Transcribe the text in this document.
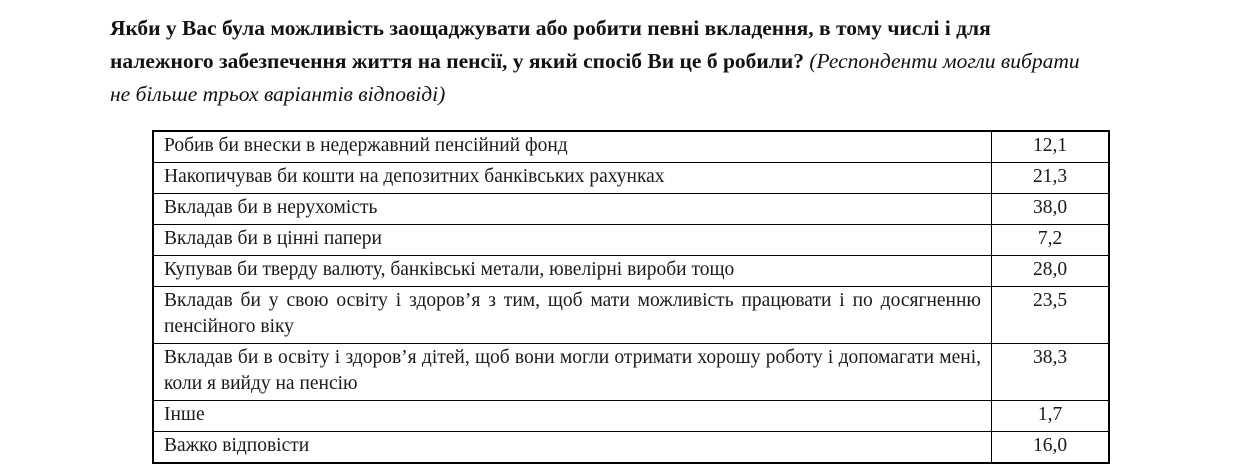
Якби у Вас була можливість заощаджувати або робити певні вкладення, в тому числі і для належного забезпечення життя на пенсії, у який спосіб Ви це б робили? (Респонденти могли вибрати не більше трьох варіантів відповіді)
Робив би внески в недержавний пенсійний фонд	12,1
Накопичував би кошти на депозитних банківських рахунках	21,3
Вкладав би в нерухомість	38,0
Вкладав би в цінні папери	7,2
Купував би тверду валюту, банківські метали, ювелірні вироби тощо	28,0
Вкладав би у свою освіту і здоров’я з тим, щоб мати можливість працювати і по досягненню пенсійного віку	23,5
Вкладав би в освіту і здоров’я дітей, щоб вони могли отримати хорошу роботу і допомагати мені, коли я вийду на пенсію	38,3
Інше	1,7
Важко відповісти	16,0
